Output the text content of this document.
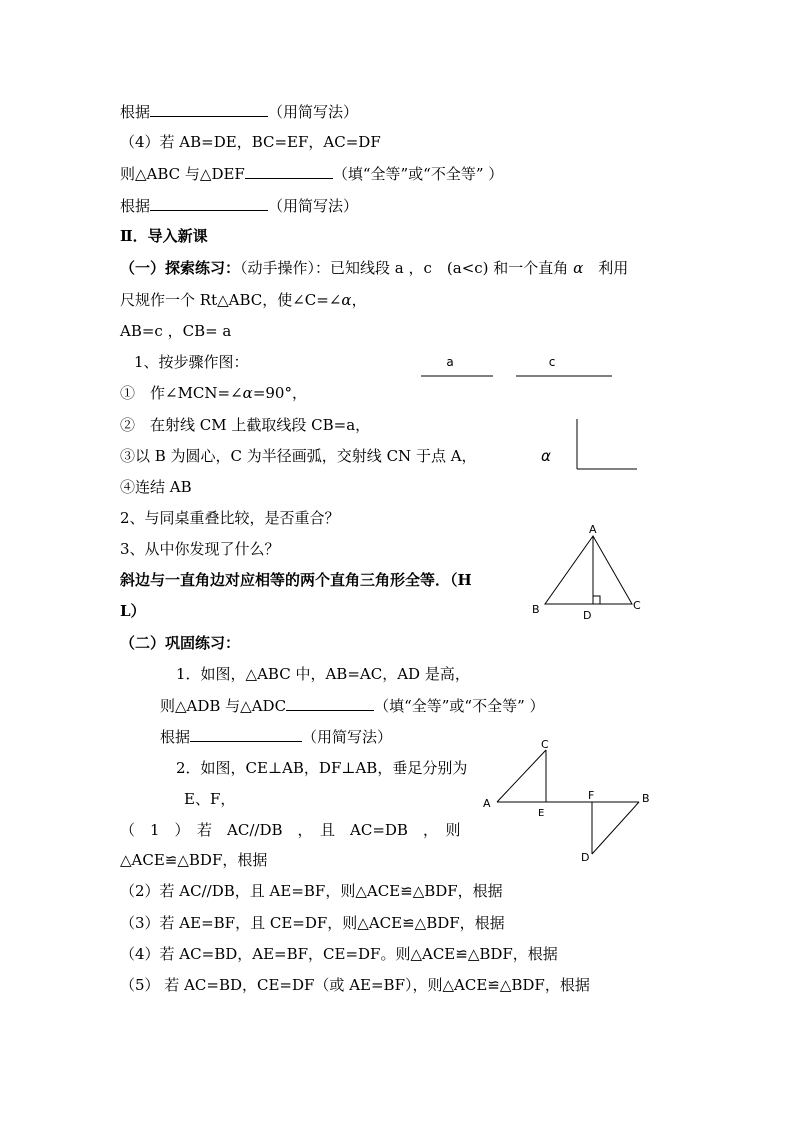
根据	（用简写法）
（4）若 AB=DE，BC=EF，AC=DF
则△ABC 与△DEF	（填“全等”或“不全等” ）
根据	（用简写法）
Ⅱ．导入新课
（一）探索练习：（动手操作）：已知线段 a ，c　(a<c) 和一个直角 α　 利用
尺规作一个 Rt△ABC，使∠C=∠α，
AB=c ，CB= a
1、按步骤作图：
①　作∠MCN=∠α=90°，
②　在射线 CM 上截取线段 CB=a，
③以 B 为圆心，C 为半径画弧，交射线 CN 于点 A，
④连结 AB
2、与同桌重叠比较，是否重合？
3、从中你发现了什么？
斜边与一直角边对应相等的两个直角三角形全等．（H
L）
（二）巩固练习：
1．如图，△ABC 中，AB=AC，AD 是高，
则△ADB 与△ADC	（填“全等”或“不全等” ）
根据	（用简写法）
2．如图，CE⊥AB，DF⊥AB，垂足分别为
E、F，
（　1　）　若　AC//DB　，　且　AC=DB　，　则
△ACE≌△BDF，根据
（2）若 AC//DB，且 AE=BF，则△ACE≌△BDF，根据
（3）若 AE=BF，且 CE=DF，则△ACE≌△BDF，根据
（4）若 AC=BD，AE=BF，CE=DF。则△ACE≌△BDF，根据
（5） 若 AC=BD，CE=DF（或 AE=BF），则△ACE≌△BDF，根据
a	c
α
A
B	C
D
C
A
E
F	B
D
